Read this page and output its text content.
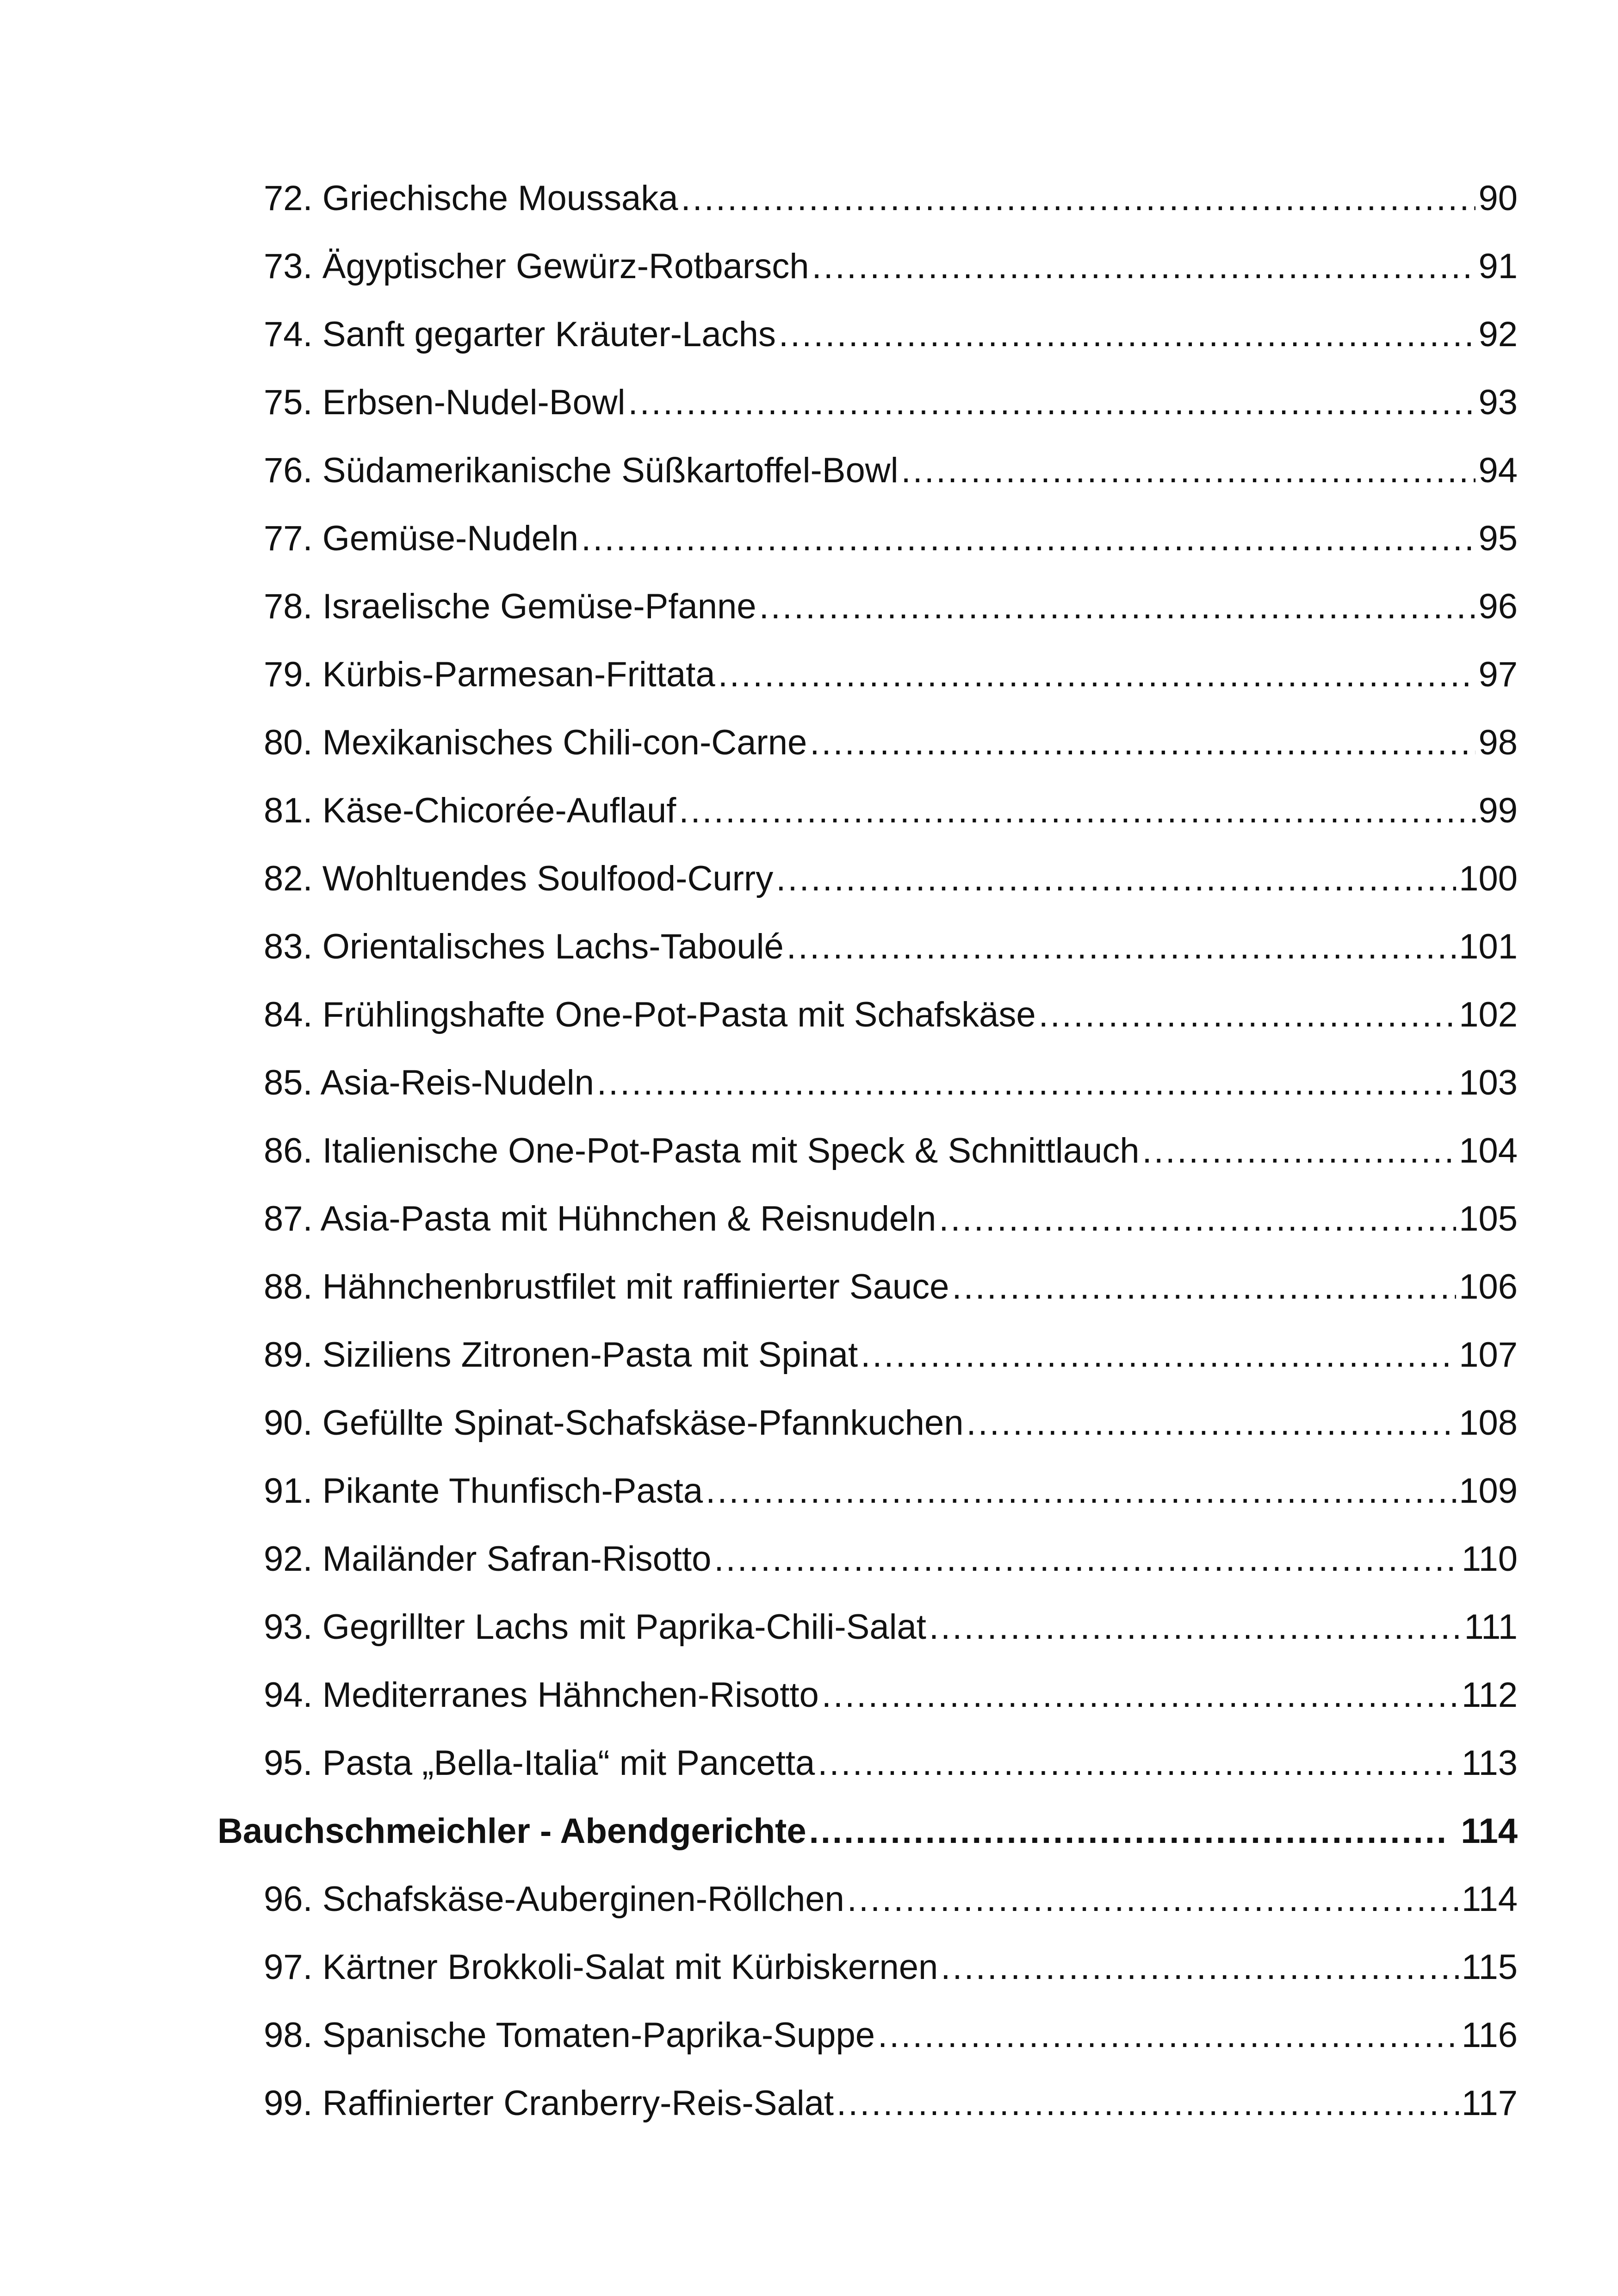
72. Griechische Moussaka .....	90
73. Ägyptischer Gewürz-Rotbarsch .....	91
74. Sanft gegarter Kräuter-Lachs .....	92
75. Erbsen-Nudel-Bowl .....	93
76. Südamerikanische Süßkartoffel-Bowl .....	94
77. Gemüse-Nudeln .....	95
78. Israelische Gemüse-Pfanne .....	96
79. Kürbis-Parmesan-Frittata .....	97
80. Mexikanisches Chili-con-Carne .....	98
81. Käse-Chicorée-Auflauf .....	99
82. Wohltuendes Soulfood-Curry .....	100
83. Orientalisches Lachs-Taboulé .....	101
84. Frühlingshafte One-Pot-Pasta mit Schafskäse .....	102
85. Asia-Reis-Nudeln .....	103
86. Italienische One-Pot-Pasta mit Speck & Schnittlauch .....	104
87. Asia-Pasta mit Hühnchen & Reisnudeln .....	105
88. Hähnchenbrustfilet mit raffinierter Sauce .....	106
89. Siziliens Zitronen-Pasta mit Spinat .....	107
90. Gefüllte Spinat-Schafskäse-Pfannkuchen .....	108
91. Pikante Thunfisch-Pasta .....	109
92. Mailänder Safran-Risotto .....	110
93. Gegrillter Lachs mit Paprika-Chili-Salat .....	111
94. Mediterranes Hähnchen-Risotto .....	112
95. Pasta „Bella-Italia“ mit Pancetta .....	113
Bauchschmeichler - Abendgerichte .....	114
96. Schafskäse-Auberginen-Röllchen .....	114
97. Kärtner Brokkoli-Salat mit Kürbiskernen .....	115
98. Spanische Tomaten-Paprika-Suppe .....	116
99. Raffinierter Cranberry-Reis-Salat .....	117
